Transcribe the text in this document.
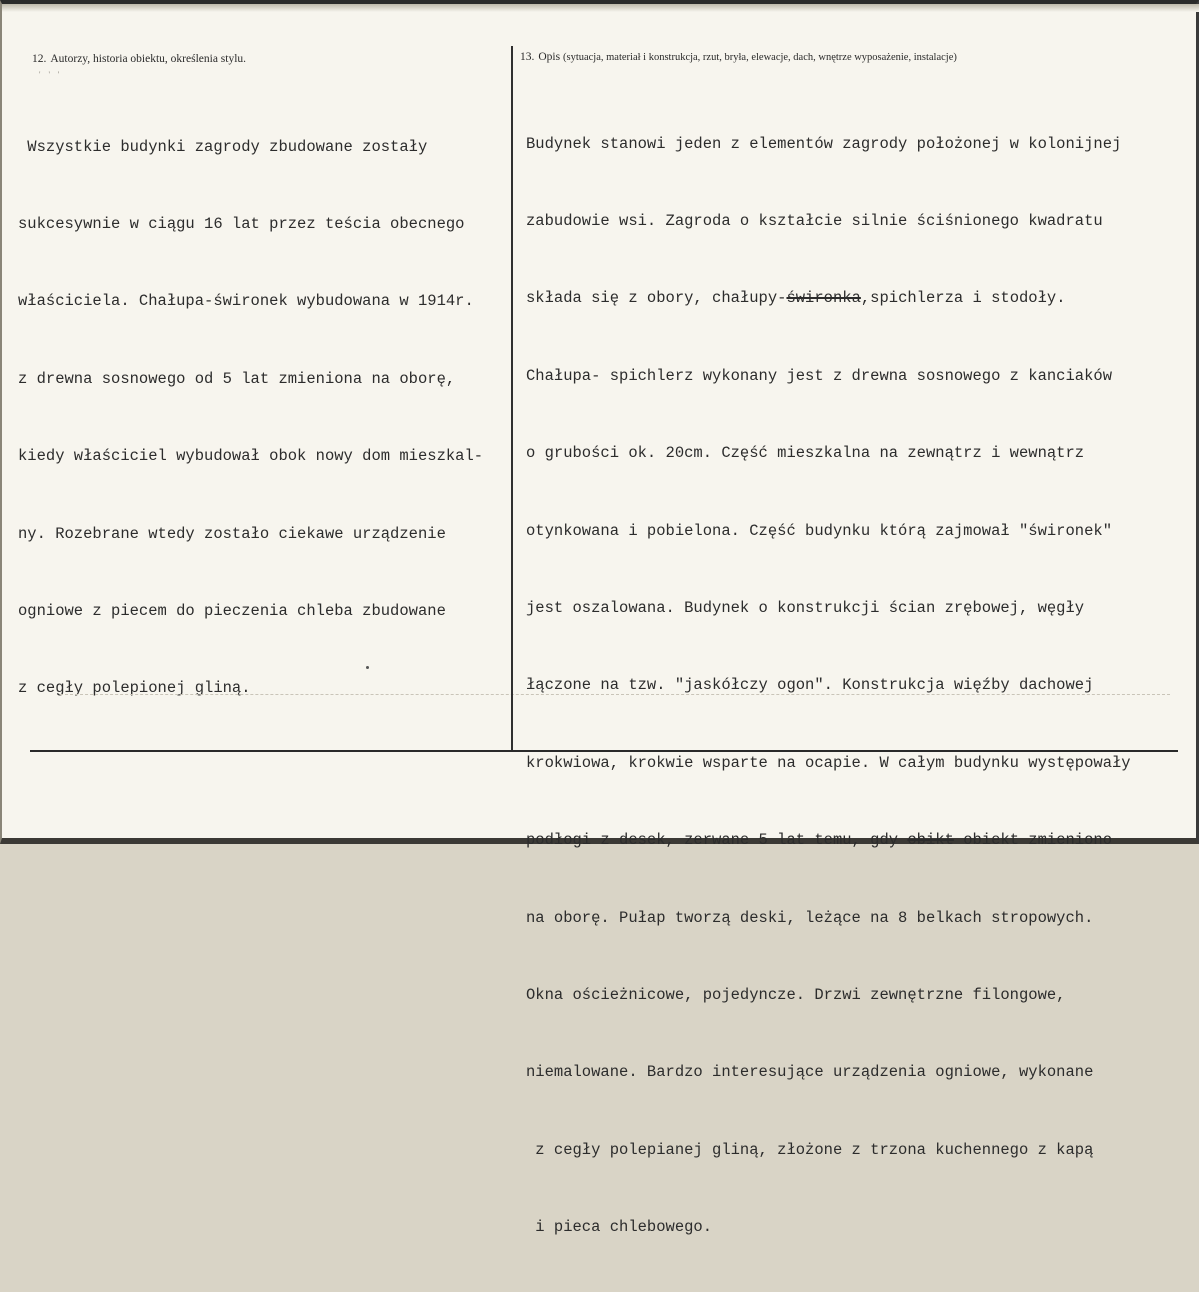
12. Autorzy, historia obiektu, określenia stylu.	13. Opis (sytuacja, materiał i konstrukcja, rzut, bryła, elewacje, dach, wnętrze wyposażenie, instalacje)
' ' '

Wszystkie budynki zagrody zbudowane zostały

sukcesywnie w ciągu 16 lat przez teścia obecnego

właściciela. Chałupa-świronek wybudowana w 1914r.

z drewna sosnowego od 5 lat zmieniona na oborę,

kiedy właściciel wybudował obok nowy dom mieszkal-

ny. Rozebrane wtedy zostało ciekawe urządzenie

ogniowe z piecem do pieczenia chleba zbudowane

z cegły polepionej gliną.

Budynek stanowi jeden z elementów zagrody położonej w kolonijnej

zabudowie wsi. Zagroda o kształcie silnie ściśnionego kwadratu

składa się z obory, chałupy-świronka,spichlerza i stodoły.

Chałupa- spichlerz wykonany jest z drewna sosnowego z kanciaków

o grubości ok. 20cm. Część mieszkalna na zewnątrz i wewnątrz

otynkowana i pobielona. Część budynku którą zajmował "świronek"

jest oszalowana. Budynek o konstrukcji ścian zrębowej, węgły

łączone na tzw. "jaskółczy ogon". Konstrukcja więźby dachowej

krokwiowa, krokwie wsparte na ocapie. W całym budynku występowały

podłogi z desek, zerwane 5 lat temu, gdy obikt obiekt zmieniono

na oborę. Pułap tworzą deski, leżące na 8 belkach stropowych.

Okna ościeżnicowe, pojedyncze. Drzwi zewnętrzne filongowe,

niemalowane. Bardzo interesujące urządzenia ogniowe, wykonane

z cegły polepianej gliną, złożone z trzona kuchennego z kapą

i pieca chlebowego.
